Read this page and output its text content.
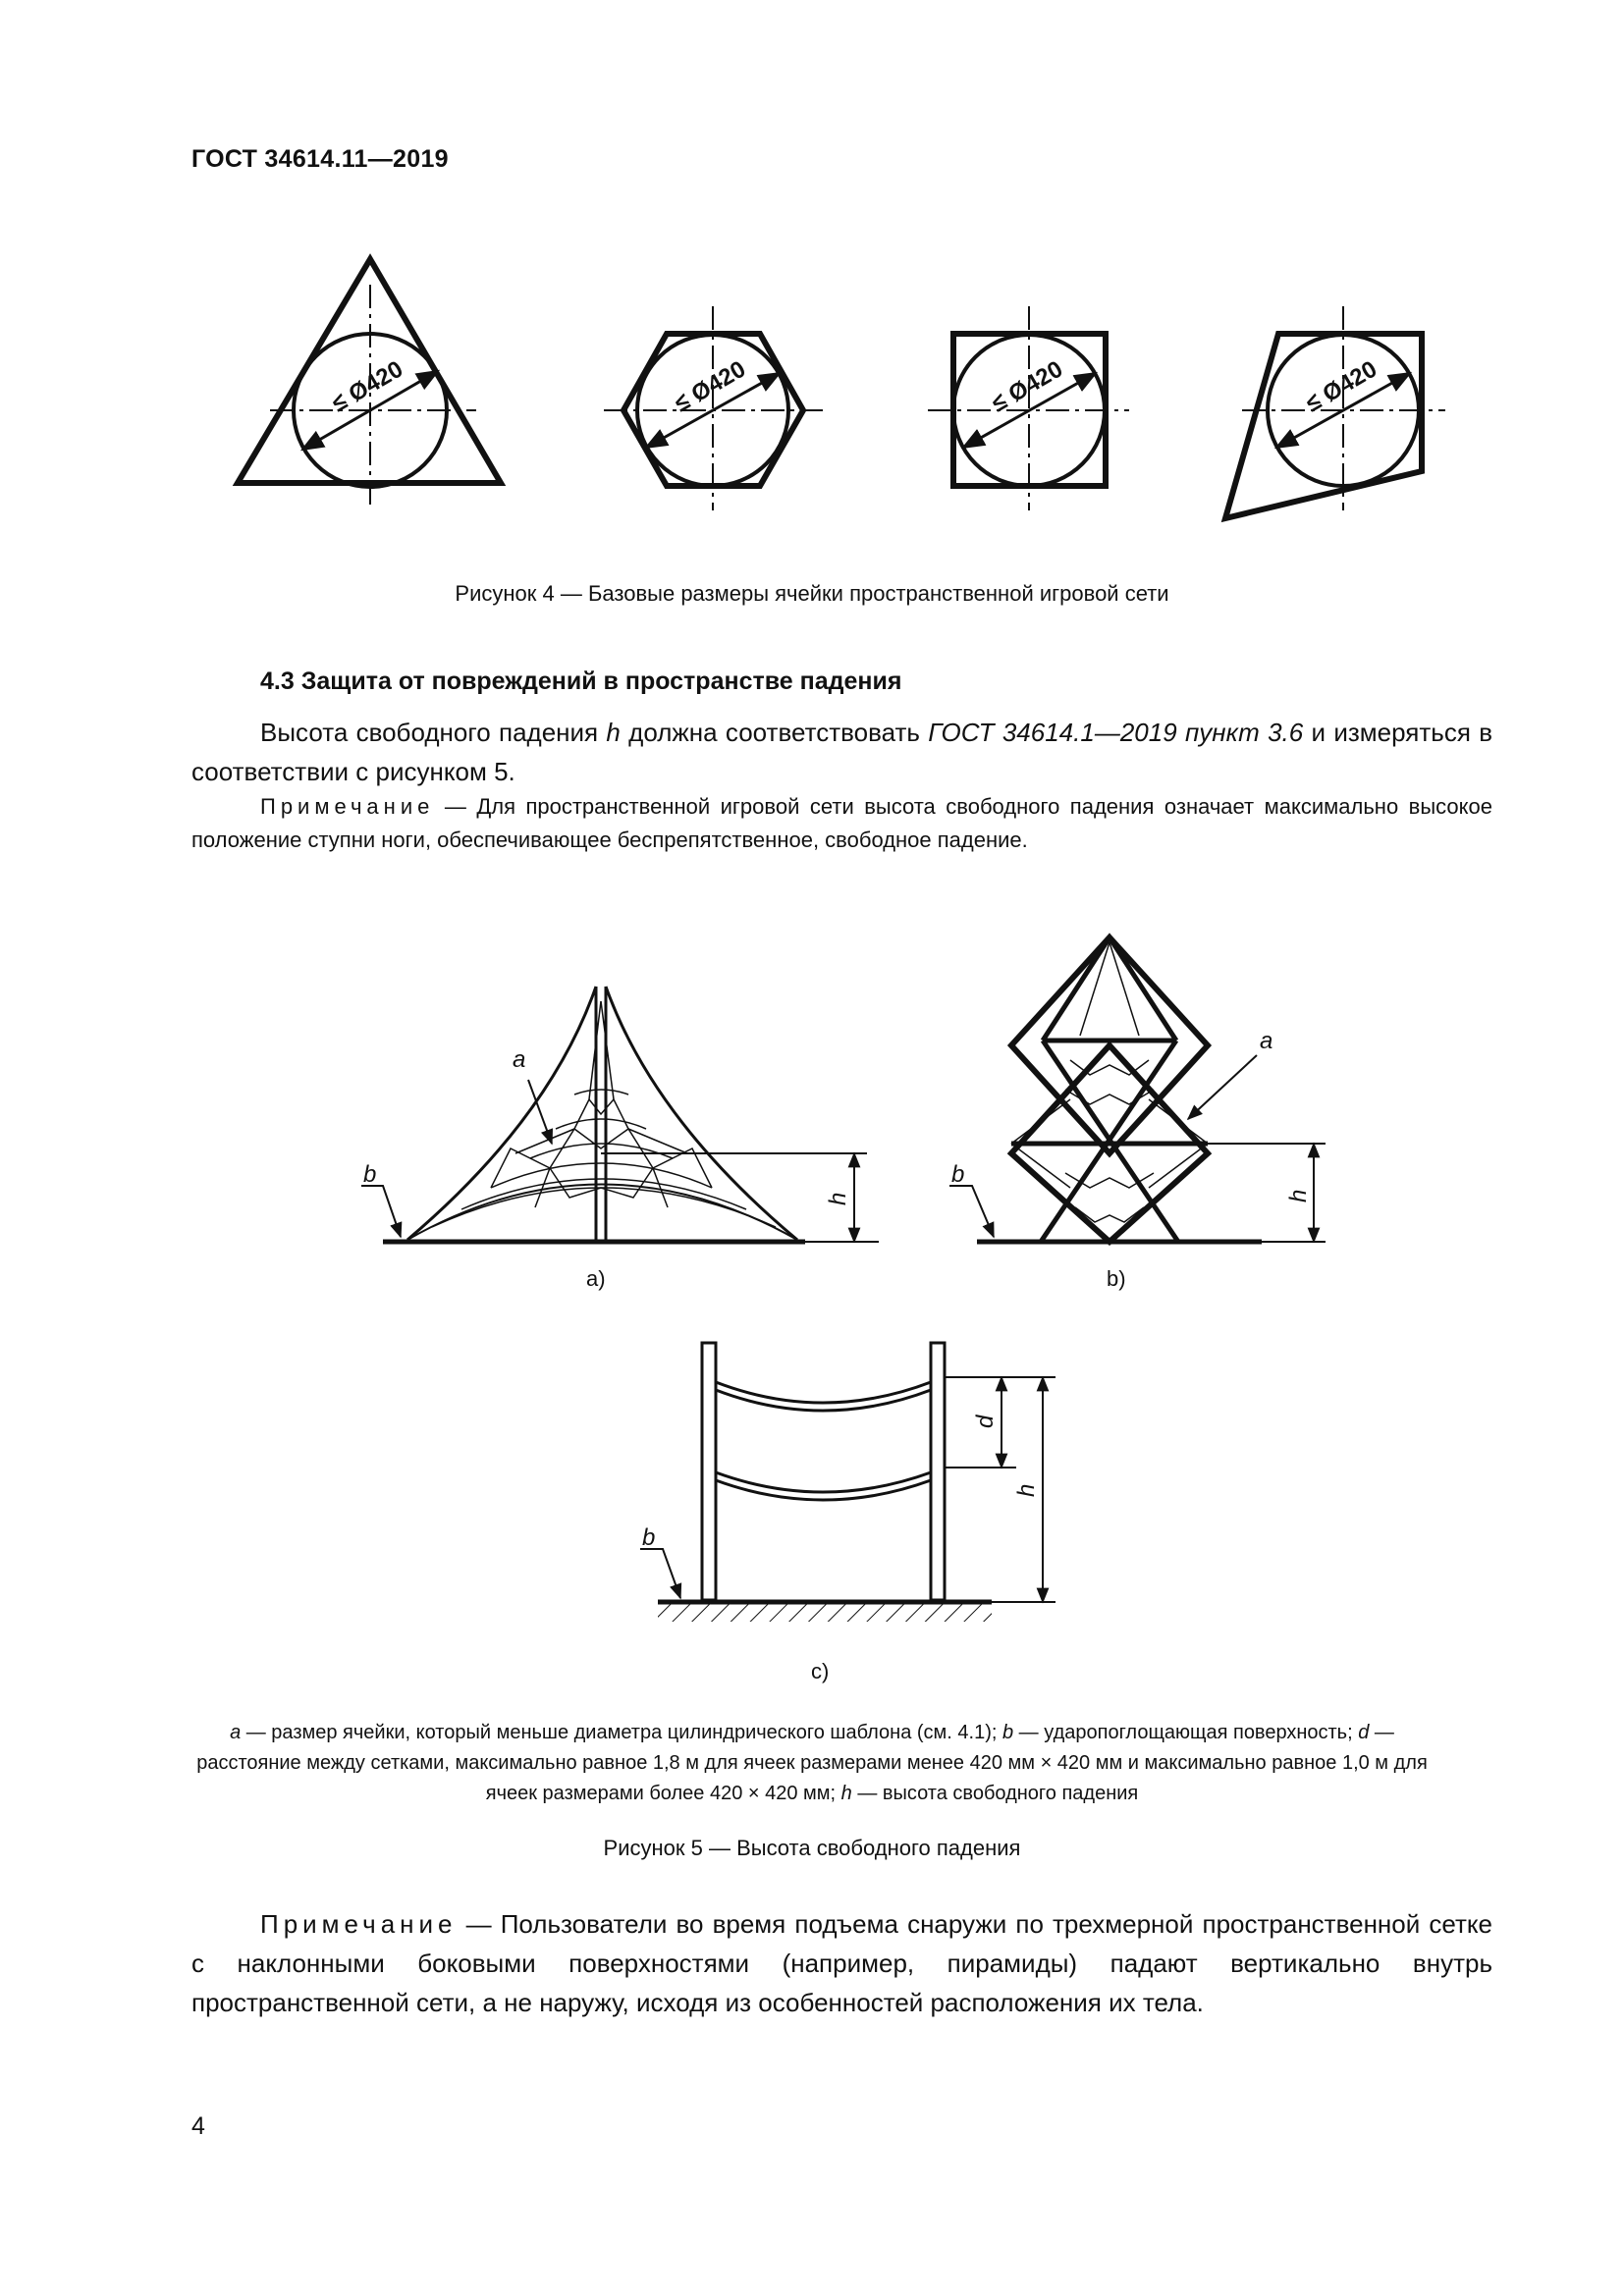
ГОСТ 34614.11—2019
≤ Ø420	≤ Ø420	≤ Ø420	≤ Ø420
Рисунок 4 — Базовые размеры ячейки пространственной игровой сети
4.3 Защита от повреждений в пространстве падения
Высота свободного падения h должна соответствовать ГОСТ 34614.1—2019 пункт 3.6 и измеряться в соответствии с рисунком 5.
Примечание — Для пространственной игровой сети высота свободного падения означает максимально высокое положение ступни ноги, обеспечивающее беспрепятственное, свободное падение.
h
a
b
a)
h
a
b
b)
d
h
b
c)
a — размер ячейки, который меньше диаметра цилиндрического шаблона (см. 4.1); b — ударопоглощающая поверхность; d — расстояние между сетками, максимально равное 1,8 м для ячеек размерами менее 420 мм × 420 мм и максимально равное 1,0 м для ячеек размерами более 420 × 420 мм; h — высота свободного падения
Рисунок 5 — Высота свободного падения
Примечание — Пользователи во время подъема снаружи по трехмерной пространственной сетке с наклонными боковыми поверхностями (например, пирамиды) падают вертикально внутрь пространственной сети, а не наружу, исходя из особенностей расположения их тела.
4
